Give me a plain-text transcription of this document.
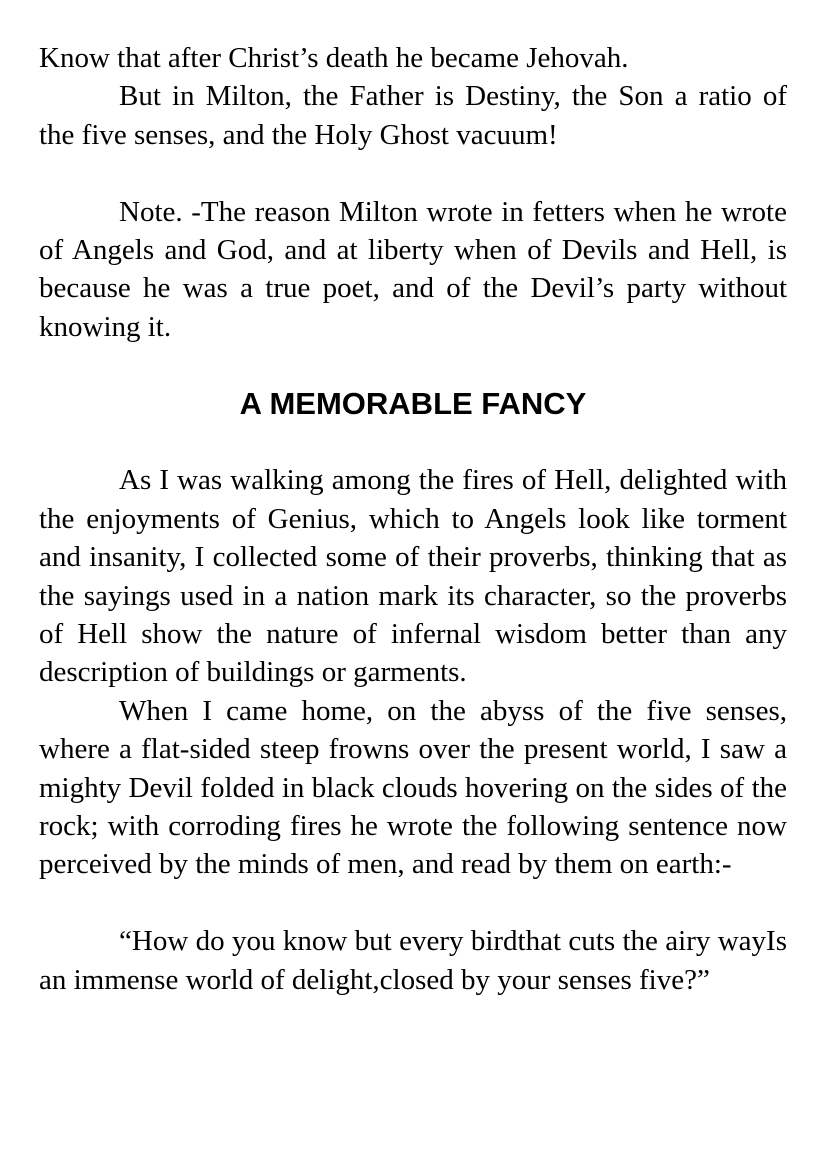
Know that after Christ’s death he became Jehovah.

But in Milton, the Father is Destiny, the Son a ratio of the five senses, and the Holy Ghost vacuum!

Note. -The reason Milton wrote in fetters when he wrote of Angels and God, and at liberty when of Devils and Hell, is because he was a true poet, and of the Devil’s party without knowing it.

A MEMORABLE FANCY

As I was walking among the fires of Hell, delighted with the enjoyments of Genius, which to Angels look like torment and insanity, I collected some of their proverbs, thinking that as the sayings used in a nation mark its character, so the proverbs of Hell show the nature of infernal wisdom better than any description of buildings or garments.

When I came home, on the abyss of the five senses, where a flat-sided steep frowns over the present world, I saw a mighty Devil folded in black clouds hovering on the sides of the rock; with corroding fires he wrote the following sentence now perceived by the minds of men, and read by them on earth:-

“How do you know but every birdthat cuts the airy wayIs an immense world of delight,closed by your senses five?”
